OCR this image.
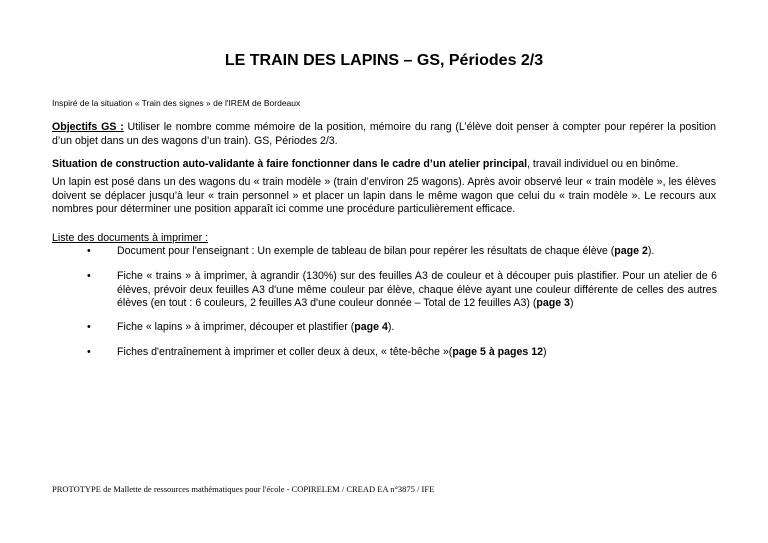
LE TRAIN DES LAPINS – GS, Périodes 2/3
Inspiré de la situation « Train des signes » de l'IREM de Bordeaux
Objectifs GS : Utiliser le nombre comme mémoire de la position, mémoire du rang (L’élève doit penser à compter pour repérer la position d’un objet dans un des wagons d’un train). GS, Périodes 2/3.
Situation de construction auto-validante à faire fonctionner dans le cadre d’un atelier principal, travail individuel ou en binôme.
Un lapin est posé dans un des wagons du « train modèle » (train d’environ 25 wagons). Après avoir observé leur « train modèle », les élèves doivent se déplacer jusqu’à leur « train personnel » et placer un lapin dans le même wagon que celui du « train modèle ». Le recours aux nombres pour déterminer une position apparaît ici comme une procédure particulièrement efficace.
Liste des documents à imprimer :
• Document pour l'enseignant : Un exemple de tableau de bilan pour repérer les résultats de chaque élève (page 2).
• Fiche « trains » à imprimer, à agrandir (130%) sur des feuilles A3 de couleur et à découper puis plastifier. Pour un atelier de 6 élèves, prévoir deux feuilles A3 d'une même couleur par élève, chaque élève ayant une couleur différente de celles des autres élèves (en tout : 6 couleurs, 2 feuilles A3 d'une couleur donnée – Total de 12 feuilles A3) (page 3)
• Fiche « lapins » à imprimer, découper et plastifier (page 4).
• Fiches d'entraînement à imprimer et coller deux à deux, « tête-bêche »(page 5 à pages 12)
PROTOTYPE de Mallette de ressources mathématiques pour l'école - COPIRELEM / CREAD EA n°3875 / IFE
